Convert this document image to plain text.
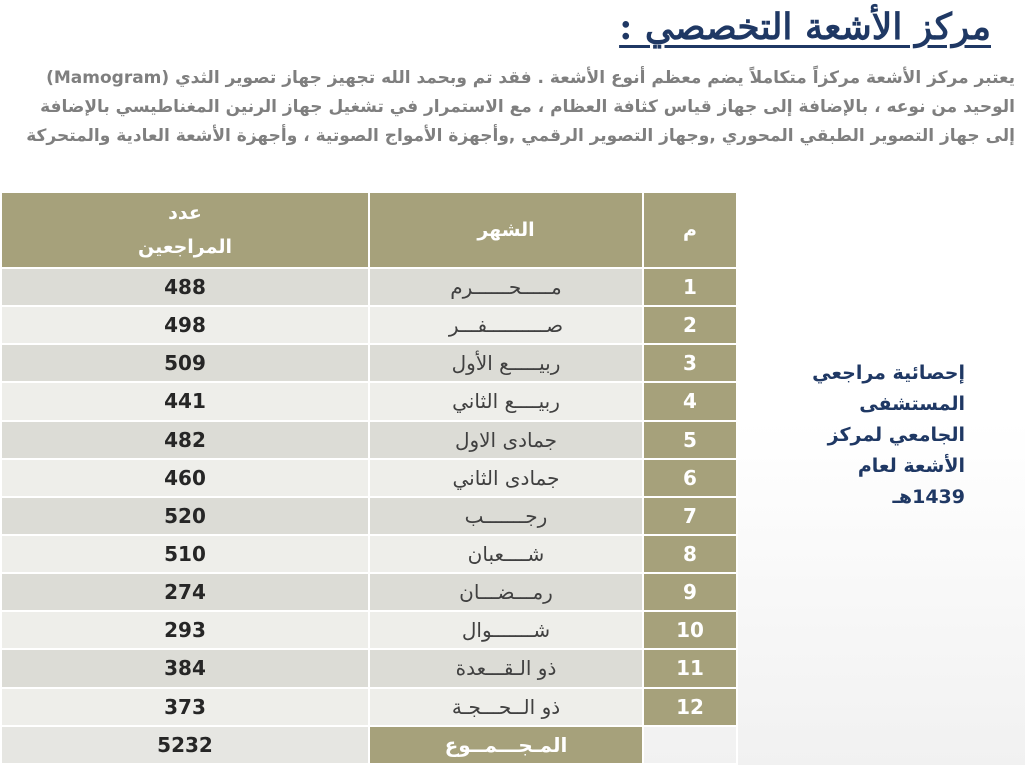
مركز الأشعة التخصصي :

يعتبر مركز الأشعة مركزاً متكاملاً يضم معظم أنوع الأشعة . فقد تم وبحمد الله تجهيز جهاز تصوير الثدي (Mamogram) الوحيد من نوعه ، بالإضافة إلى جهاز قياس كثافة العظام ، مع الاستمرار في تشغيل جهاز الرنين المغناطيسي بالإضافة إلى جهاز التصوير الطبقي المحوري ,وجهاز التصوير الرقمي ,وأجهزة الأمواج الصوتية ، وأجهزة الأشعة العادية والمتحركة

إحصائية مراجعي المستشفى الجامعي لمركز الأشعة لعام 1439هـ

م	الشهر	عدد
المراجعين

1	مـــــحــــــرم	488
2	صــــــــــفـــر	498
3	ربيـــــع الأول	509
4	ربيــــع الثاني	441
5	جمادى الاول	482
6	جمادى الثاني	460
7	رجـــــــب	520
8	شــــعبان	510
9	رمـــضـــان	274
10	شـــــــوال	293
11	ذو الـقـــعدة	384
12	ذو الــحـــجـة	373
	المـجـــمــوع	5232
